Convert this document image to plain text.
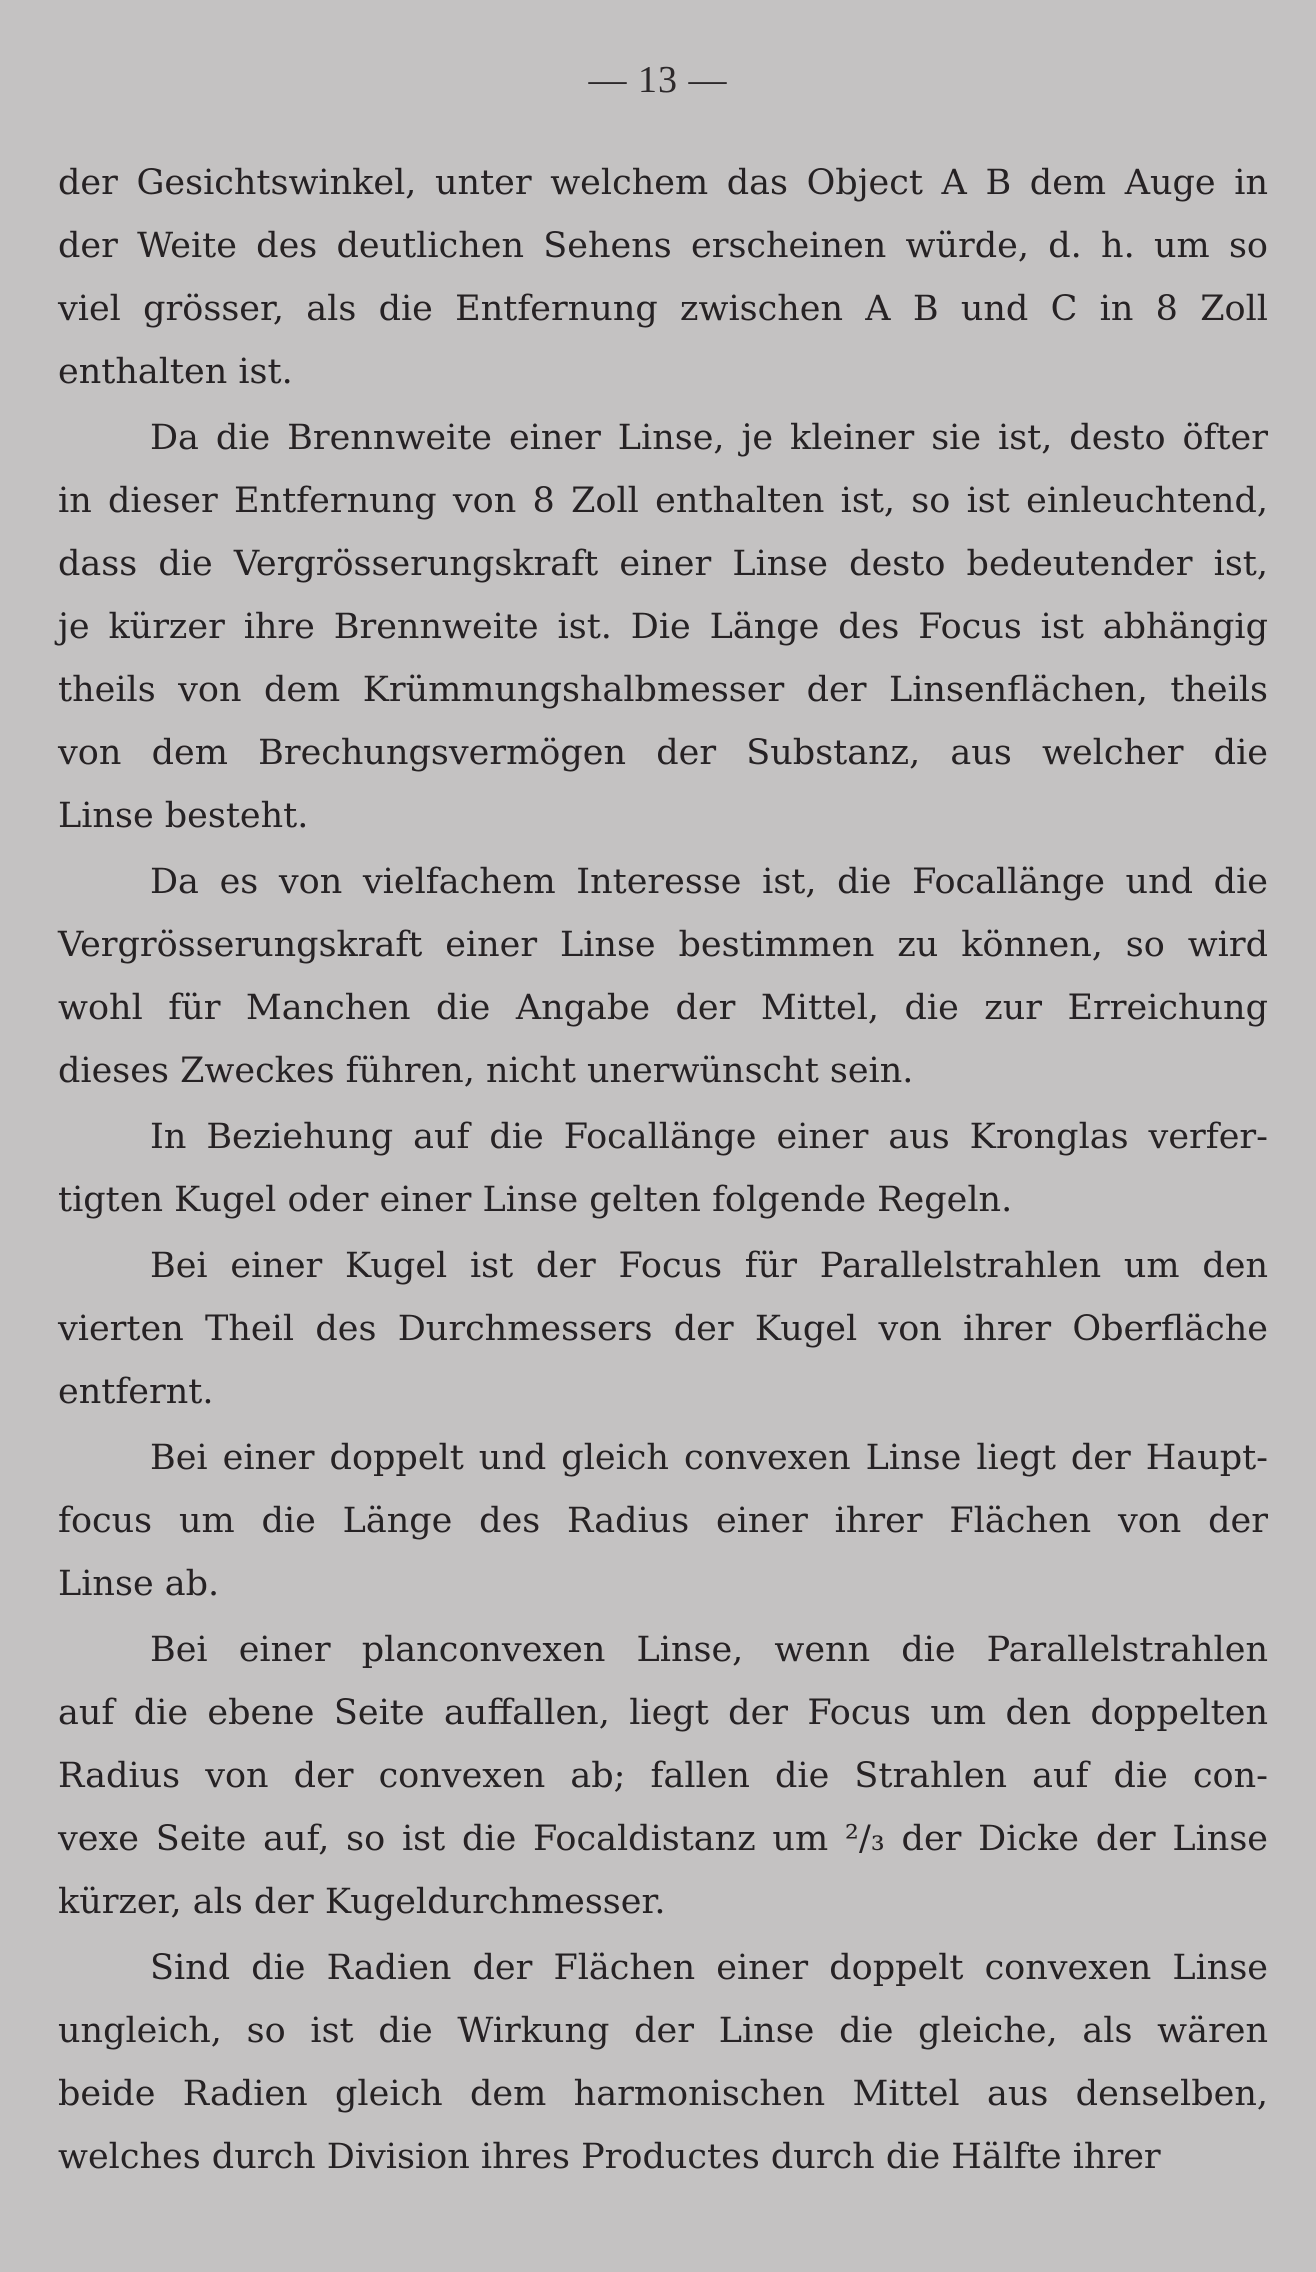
— 13 —
der Gesichtswinkel, unter welchem das Object A B dem Auge in
der Weite des deutlichen Sehens erscheinen würde, d. h. um so
viel grösser, als die Entfernung zwischen A B und C in 8 Zoll
enthalten ist.
Da die Brennweite einer Linse, je kleiner sie ist, desto öfter
in dieser Entfernung von 8 Zoll enthalten ist, so ist einleuchtend,
dass die Vergrösserungskraft einer Linse desto bedeutender ist,
je kürzer ihre Brennweite ist. Die Länge des Focus ist abhängig
theils von dem Krümmungshalbmesser der Linsenflächen, theils
von dem Brechungsvermögen der Substanz, aus welcher die
Linse besteht.
Da es von vielfachem Interesse ist, die Focallänge und die
Vergrösserungskraft einer Linse bestimmen zu können, so wird
wohl für Manchen die Angabe der Mittel, die zur Erreichung
dieses Zweckes führen, nicht unerwünscht sein.
In Beziehung auf die Focallänge einer aus Kronglas verfer-
tigten Kugel oder einer Linse gelten folgende Regeln.
Bei einer Kugel ist der Focus für Parallelstrahlen um den
vierten Theil des Durchmessers der Kugel von ihrer Oberfläche
entfernt.
Bei einer doppelt und gleich convexen Linse liegt der Haupt-
focus um die Länge des Radius einer ihrer Flächen von der
Linse ab.
Bei einer planconvexen Linse, wenn die Parallelstrahlen
auf die ebene Seite auffallen, liegt der Focus um den doppelten
Radius von der convexen ab; fallen die Strahlen auf die con-
vexe Seite auf, so ist die Focaldistanz um ²/₃ der Dicke der Linse
kürzer, als der Kugeldurchmesser.
Sind die Radien der Flächen einer doppelt convexen Linse
ungleich, so ist die Wirkung der Linse die gleiche, als wären
beide Radien gleich dem harmonischen Mittel aus denselben,
welches durch Division ihres Productes durch die Hälfte ihrer
